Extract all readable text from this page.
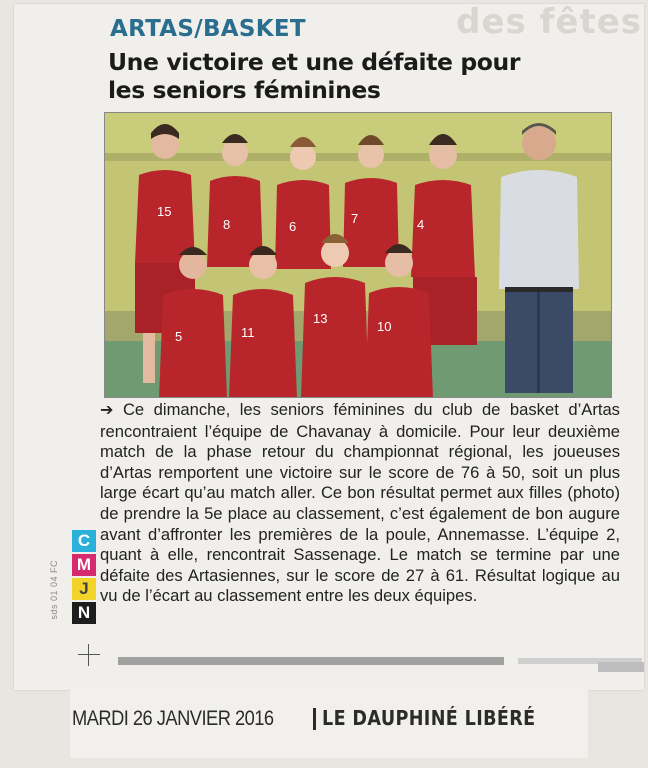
des fêtes
ARTAS/BASKET
Une victoire et une défaite pour les seniors féminines
15
8	6
7	4
5	11
13
10
➔ Ce dimanche, les seniors féminines du club de basket d’Artas rencontraient l’équipe de Chavanay à domicile. Pour leur deuxième match de la phase retour du championnat régional, les joueuses d’Artas remportent une victoire sur le score de 76 à 50, soit un plus large écart qu’au match aller. Ce bon résultat permet aux filles (photo) de prendre la 5e place au classement, c’est également de bon augure avant d’affronter les premières de la poule, Annemasse. L’équipe 2, quant à elle, rencontrait Sassenage. Le match se termine par une défaite des Artasiennes, sur le score de 27 à 61. Résultat logique au vu de l’écart au classement entre les deux équipes.
C
M
J
N
sds 01 04 FC
MARDI 26 JANVIER 2016 LE DAUPHINÉ LIBÉRÉ
